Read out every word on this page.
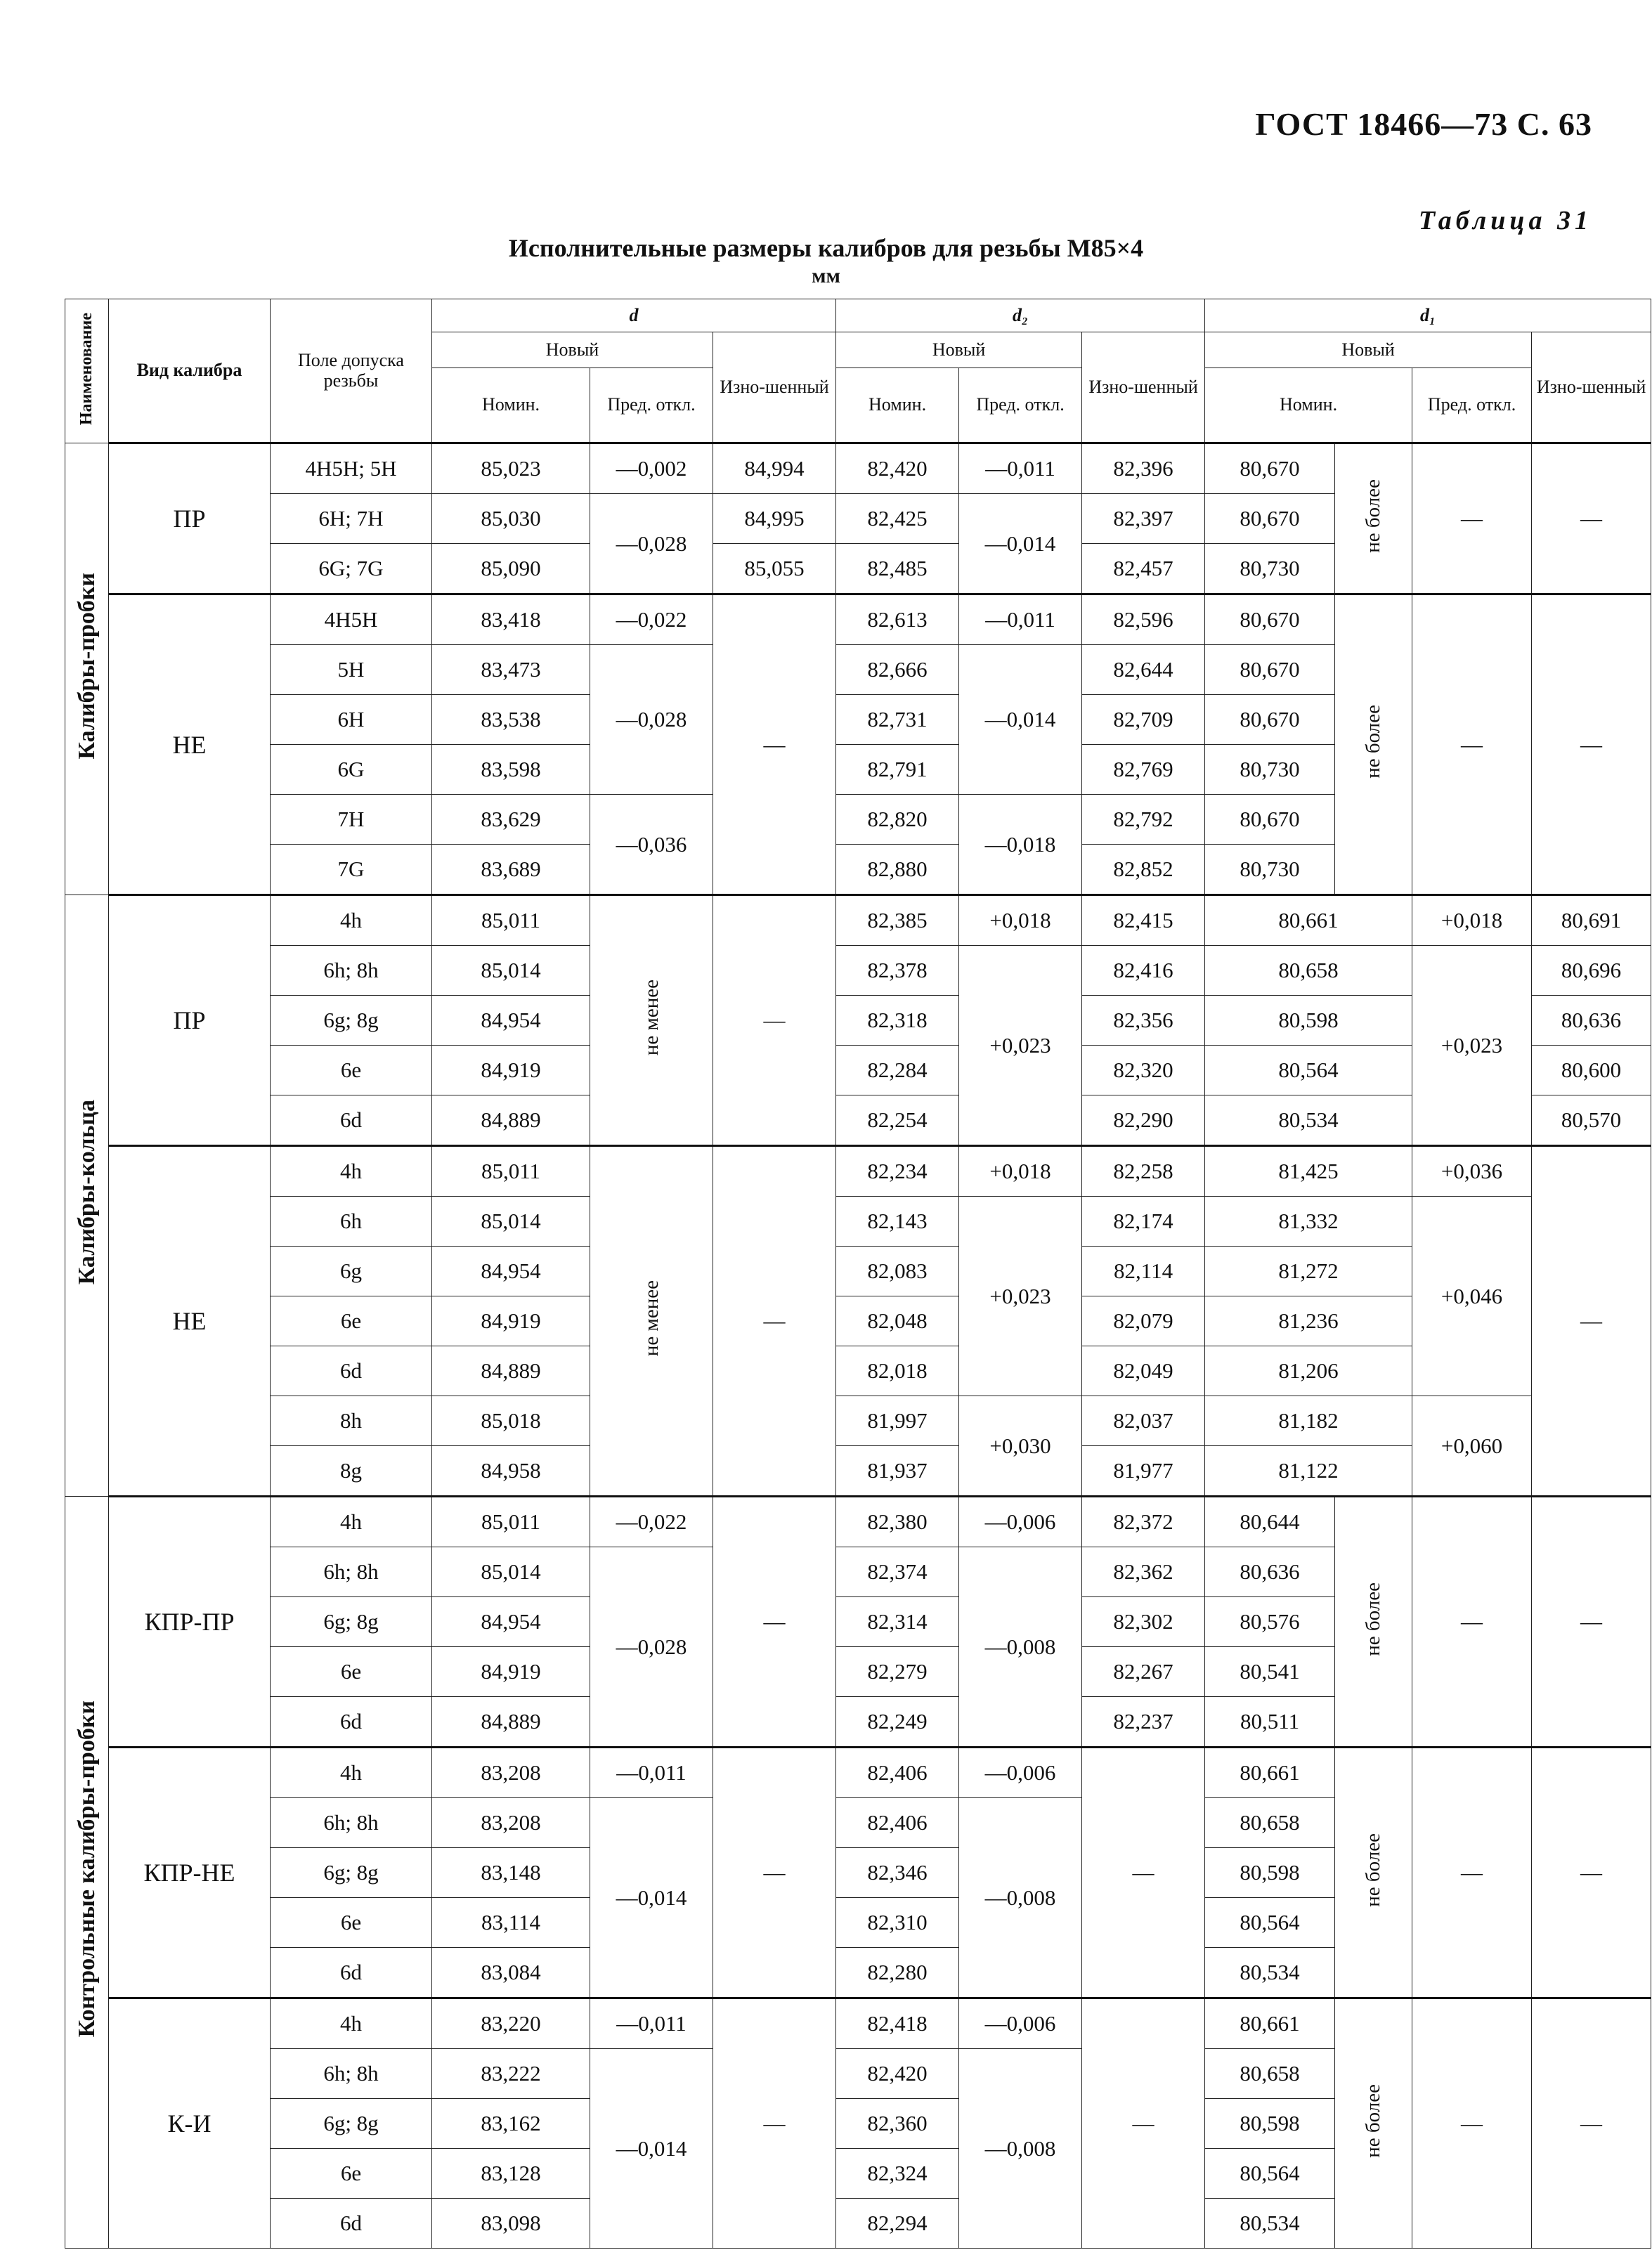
ГОСТ 18466—73 С. 63
Таблица 31
Исполнительные размеры калибров для резьбы М85×4
мм
Наименование	Вид калибра	Поле допуска резьбы	d			d₂			d₁			
			Новый		Изно-шенный	Новый		Изно-шенный	Новый			Изно-шенный
			Номин.	Пред. откл.		Номин.	Пред. откл.		Номин.		Пред. откл.	
Калибры-пробки	ПР	4H5H; 5H	85,023	—0,002	84,994	82,420	—0,011	82,396	80,670	не более	—	—
		6H; 7H	85,030	—0,028	84,995	82,425	—0,014	82,397	80,670			
		6G; 7G	85,090		85,055	82,485		82,457	80,730			
	НЕ	4H5H	83,418	—0,022	—	82,613	—0,011	82,596	80,670	не более	—	—
		5H	83,473	—0,028		82,666	—0,014	82,644	80,670			
		6H	83,538			82,731		82,709	80,670			
		6G	83,598			82,791		82,769	80,730			
		7H	83,629	—0,036		82,820	—0,018	82,792	80,670			
		7G	83,689			82,880		82,852	80,730			
Калибры-кольца	ПР	4h	85,011	не менее	—	82,385	+0,018	82,415	80,661		+0,018	80,691
		6h; 8h	85,014			82,378	+0,023	82,416	80,658		+0,023	80,696
		6g; 8g	84,954			82,318		82,356	80,598			80,636
		6e	84,919			82,284		82,320	80,564			80,600
		6d	84,889			82,254		82,290	80,534			80,570
	НЕ	4h	85,011	не менее	—	82,234	+0,018	82,258	81,425		+0,036	—
		6h	85,014			82,143	+0,023	82,174	81,332		+0,046	
		6g	84,954			82,083		82,114	81,272			
		6e	84,919			82,048		82,079	81,236			
		6d	84,889			82,018		82,049	81,206			
		8h	85,018			81,997	+0,030	82,037	81,182		+0,060	
		8g	84,958			81,937		81,977	81,122			
Контрольные калибры-пробки	КПР-ПР	4h	85,011	—0,022	—	82,380	—0,006	82,372	80,644	не более	—	—
		6h; 8h	85,014	—0,028		82,374	—0,008	82,362	80,636			
		6g; 8g	84,954			82,314		82,302	80,576			
		6e	84,919			82,279		82,267	80,541			
		6d	84,889			82,249		82,237	80,511			
	КПР-НЕ	4h	83,208	—0,011	—	82,406	—0,006	—	80,661	не более	—	—
		6h; 8h	83,208	—0,014		82,406	—0,008		80,658			
		6g; 8g	83,148			82,346			80,598			
		6e	83,114			82,310			80,564			
		6d	83,084			82,280			80,534			
	К-И	4h	83,220	—0,011	—	82,418	—0,006	—	80,661	не более	—	—
		6h; 8h	83,222	—0,014		82,420	—0,008		80,658			
		6g; 8g	83,162			82,360			80,598			
		6e	83,128			82,324			80,564			
		6d	83,098			82,294			80,534			
